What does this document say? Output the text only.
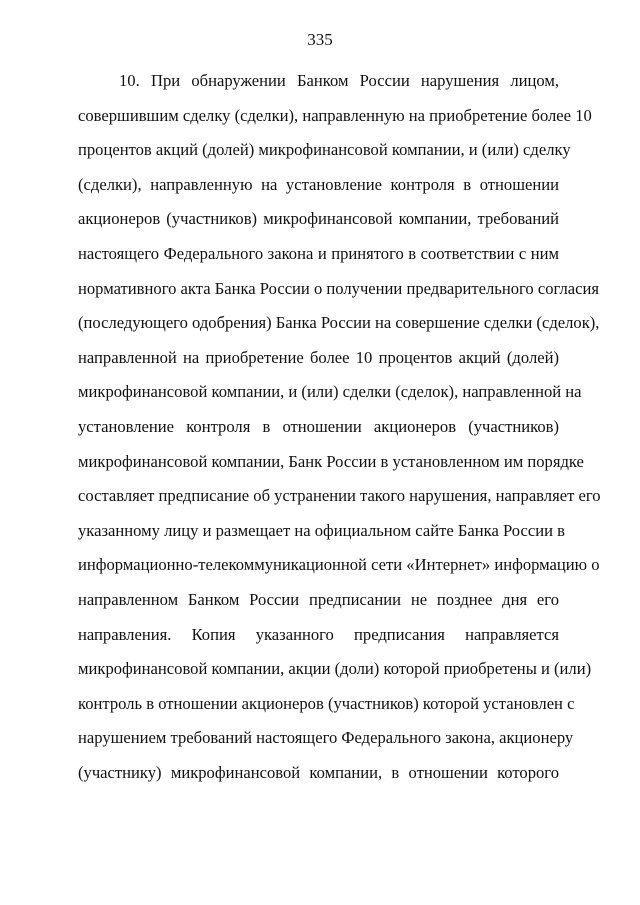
335
10. При обнаружении Банком России нарушения лицом,
совершившим сделку (сделки), направленную на приобретение более 10
процентов акций (долей) микрофинансовой компании, и (или) сделку
(сделки), направленную на установление контроля в отношении
акционеров (участников) микрофинансовой компании, требований
настоящего Федерального закона и принятого в соответствии с ним
нормативного акта Банка России о получении предварительного согласия
(последующего одобрения) Банка России на совершение сделки (сделок),
направленной на приобретение более 10 процентов акций (долей)
микрофинансовой компании, и (или) сделки (сделок), направленной на
установление контроля в отношении акционеров (участников)
микрофинансовой компании, Банк России в установленном им порядке
составляет предписание об устранении такого нарушения, направляет его
указанному лицу и размещает на официальном сайте Банка России в
информационно-телекоммуникационной сети «Интернет» информацию о
направленном Банком России предписании не позднее дня его
направления. Копия указанного предписания направляется
микрофинансовой компании, акции (доли) которой приобретены и (или)
контроль в отношении акционеров (участников) которой установлен с
нарушением требований настоящего Федерального закона, акционеру
(участнику) микрофинансовой компании, в отношении которого
